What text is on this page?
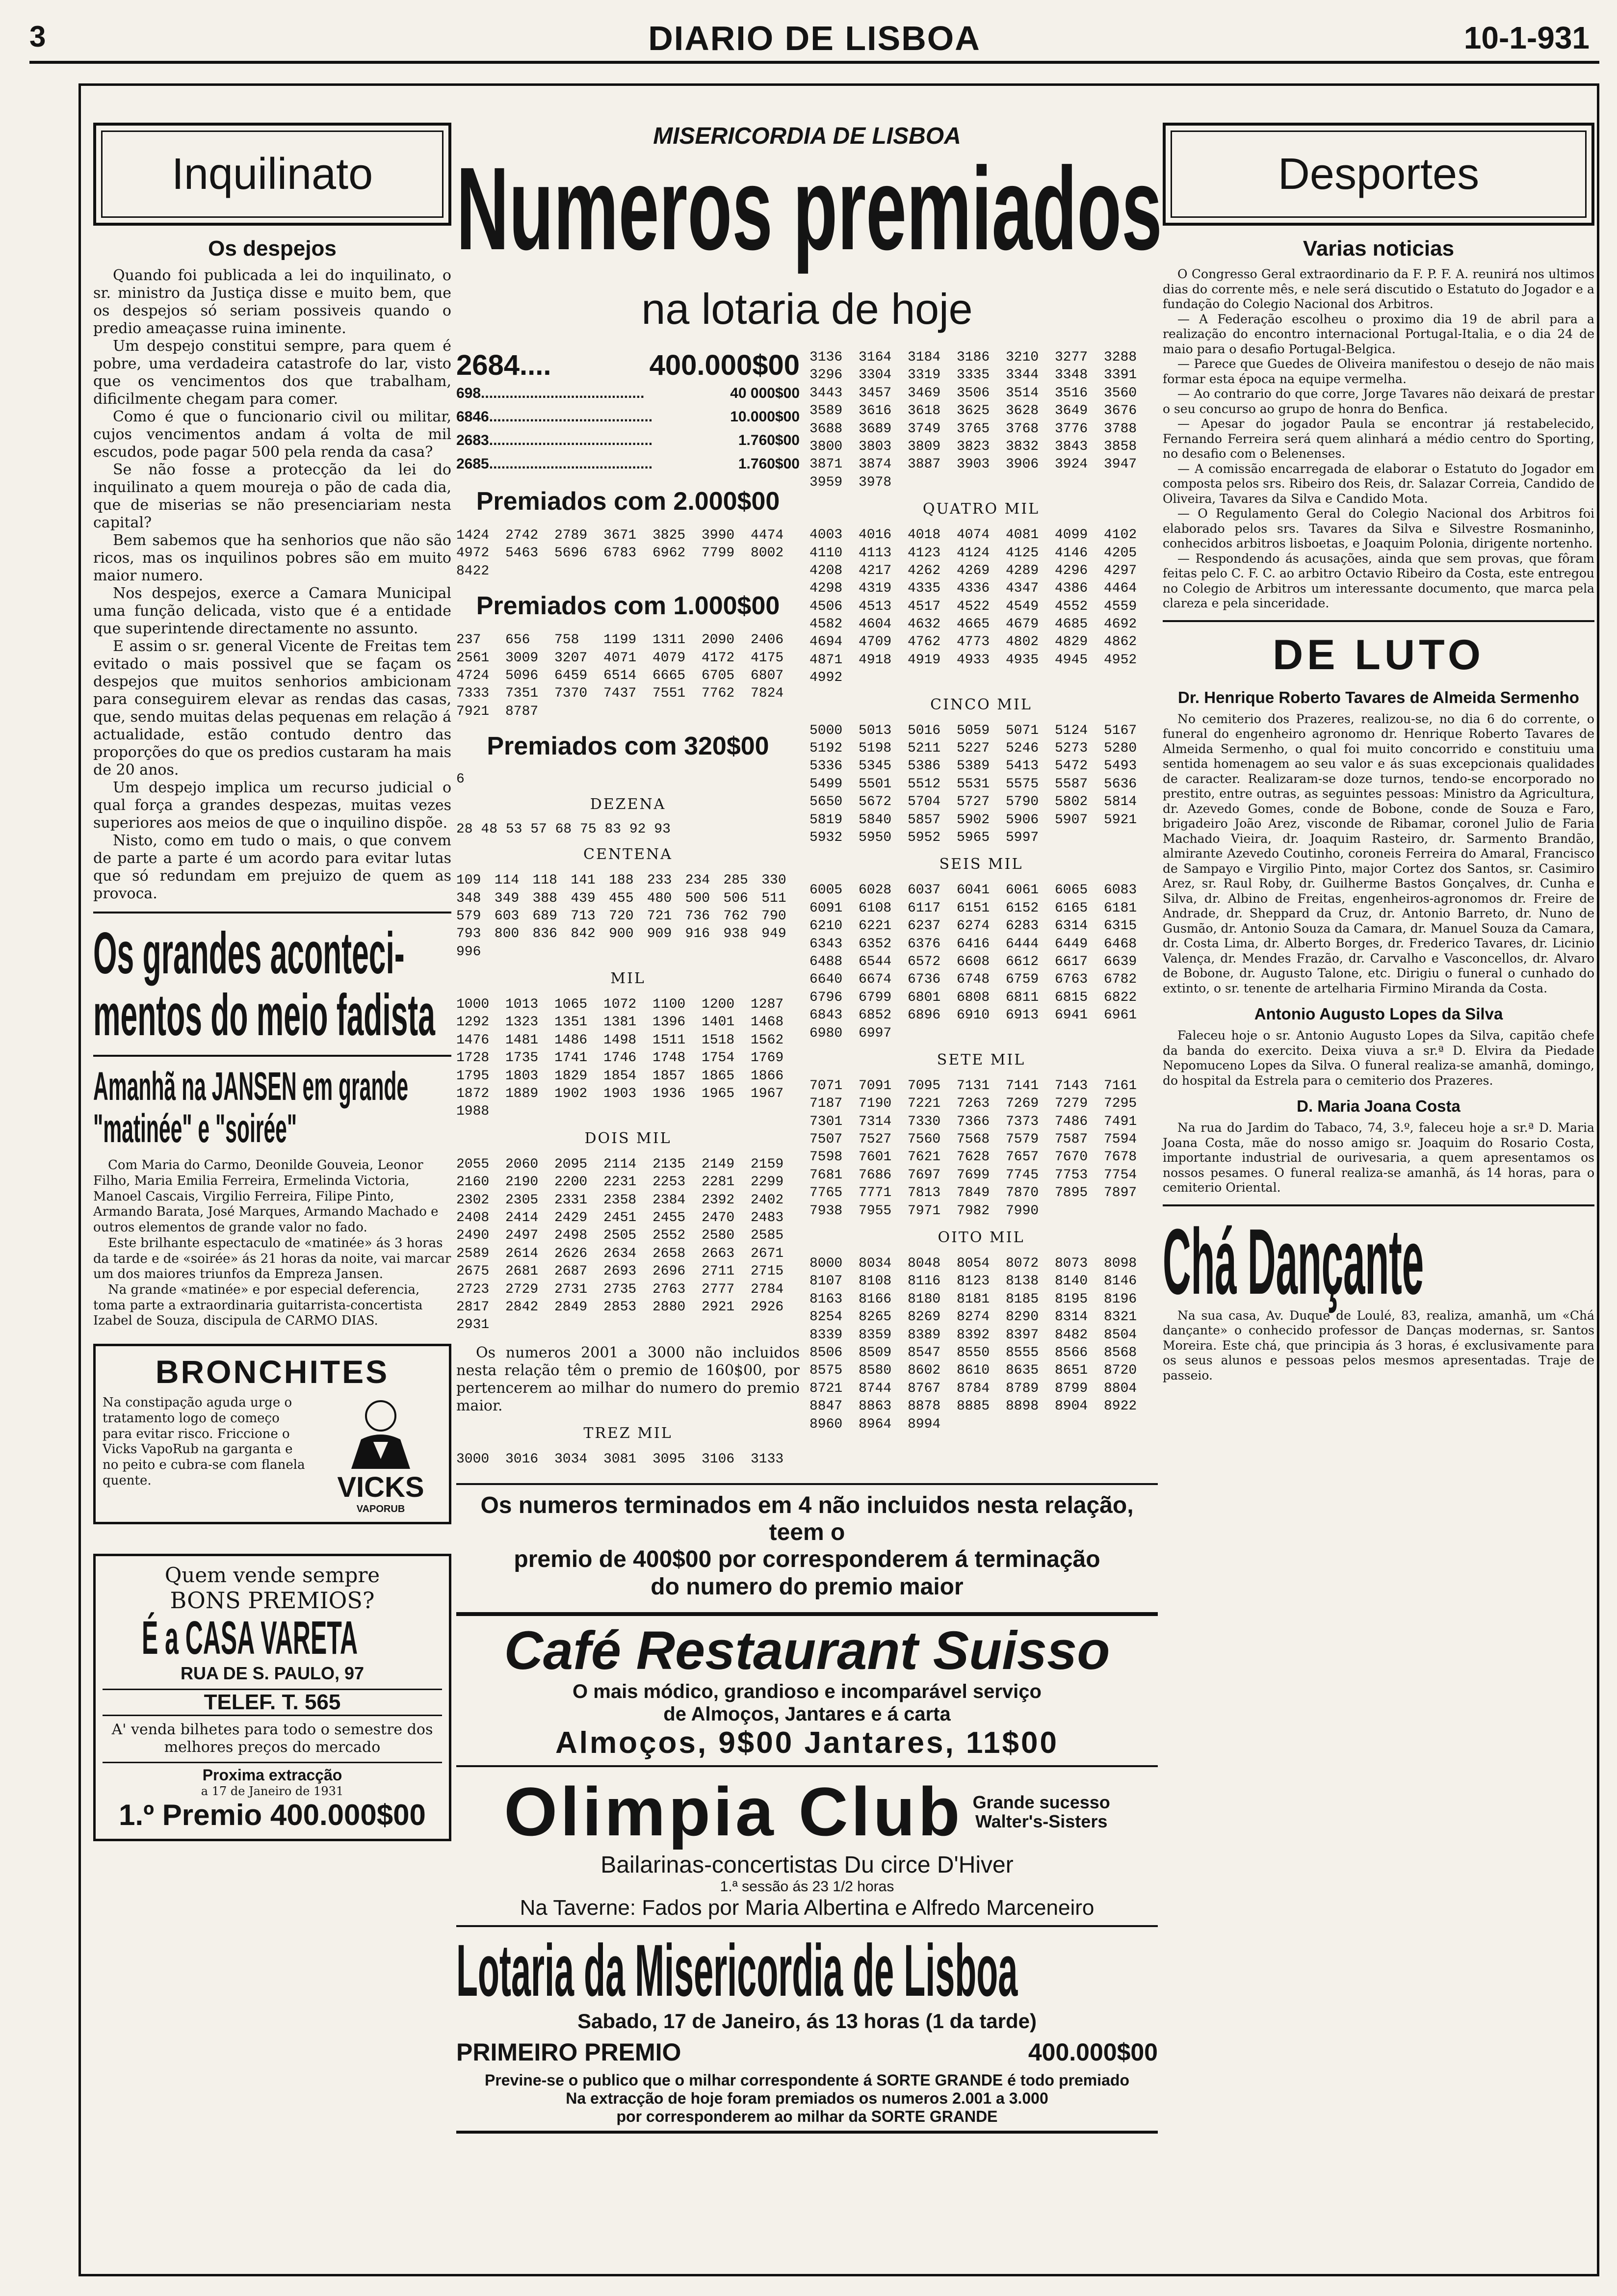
3	DIARIO DE LISBOA	10-1-931
Inquilinato
Os despejos

Quando foi publicada a lei do inquilinato, o sr. ministro da Justiça disse e muito bem, que os despejos só seriam possiveis quando o predio ameaçasse ruina iminente.

Um despejo constitui sempre, para quem é pobre, uma verdadeira catastrofe do lar, visto que os vencimentos dos que trabalham, dificilmente chegam para comer.

Como é que o funcionario civil ou militar, cujos vencimentos andam á volta de mil escudos, pode pagar 500 pela renda da casa?

Se não fosse a protecção da lei do inquilinato a quem moureja o pão de cada dia, que de miserias se não presenciariam nesta capital?

Bem sabemos que ha senhorios que não são ricos, mas os inquilinos pobres são em muito maior numero.

Nos despejos, exerce a Camara Municipal uma função delicada, visto que é a entidade que superintende directamente no assunto.

E assim o sr. general Vicente de Freitas tem evitado o mais possivel que se façam os despejos que muitos senhorios ambicionam para conseguirem elevar as rendas das casas, que, sendo muitas delas pequenas em relação á actualidade, estão contudo dentro das proporções do que os predios custaram ha mais de 20 anos.

Um despejo implica um recurso judicial o qual força a grandes despezas, muitas vezes superiores aos meios de que o inquilino dispõe.

Nisto, como em tudo o mais, o que convem de parte a parte é um acordo para evitar lutas que só redundam em prejuizo de quem as provoca.

Os grandes aconteci-
mentos do meio fadista
Amanhã na JANSEN em grande
"matinée" e "soirée"
Com Maria do Carmo, Deonilde Gouveia, Leonor Filho, Maria Emilia Ferreira, Ermelinda Victoria, Manoel Cascais, Virgilio Ferreira, Filipe Pinto, Armando Barata, José Marques, Armando Machado e outros elementos de grande valor no fado.
Este brilhante espectaculo de «matinée» ás 3 horas da tarde e de «soirée» ás 21 horas da noite, vai marcar um dos maiores triunfos da Empreza Jansen.
Na grande «matinée» e por especial deferencia, toma parte a extraordinaria guitarrista-concertista Izabel de Souza, discipula de CARMO DIAS.
BRONCHITES
Na constipação aguda urge o tratamento logo de começo para evitar risco. Friccione o Vicks VapoRub na garganta e no peito e cubra-se com flanela quente.	VICKS
VAPORUB
Quem vende sempre
BONS PREMIOS?
É a CASA VARETA
RUA DE S. PAULO, 97
TELEF. T. 565
A' venda bilhetes para todo o semestre dos melhores preços do mercado
Proxima extracção
a 17 de Janeiro de 1931
1.º Premio 400.000$00
MISERICORDIA DE LISBOA
Numeros premiados
na lotaria de hoje
2684....	400.000$00
698........................................	40 000$00
6846........................................	10.000$00
2683........................................	1.760$00
2685........................................	1.760$00
Premiados com 2.000$00
1424	2742	2789	3671	3825	3990	4474
4972	5463	5696	6783	6962	7799	8002
8422
Premiados com 1.000$00
237	656	758	1199	1311	2090	2406
2561	3009	3207	4071	4079	4172	4175
4724	5096	6459	6514	6665	6705	6807
7333	7351	7370	7437	7551	7762	7824
7921	8787
Premiados com 320$00
6
DEZENA
28 48 53 57 68 75 83 92 93
CENTENA
109 114 118 141 188 233 234 285 330
348 349 388 439 455 480 500 506 511
579 603 689 713 720 721 736 762 790
793 800 836 842 900 909 916 938 949
996
MIL
1000	1013	1065	1072	1100	1200	1287
1292	1323	1351	1381	1396	1401	1468
1476	1481	1486	1498	1511	1518	1562
1728	1735	1741	1746	1748	1754	1769
1795	1803	1829	1854	1857	1865	1866
1872	1889	1902	1903	1936	1965	1967
1988
DOIS MIL
2055	2060	2095	2114	2135	2149	2159
2160	2190	2200	2231	2253	2281	2299
2302	2305	2331	2358	2384	2392	2402
2408	2414	2429	2451	2455	2470	2483
2490	2497	2498	2505	2552	2580	2585
2589	2614	2626	2634	2658	2663	2671
2675	2681	2687	2693	2696	2711	2715
2723	2729	2731	2735	2763	2777	2784
2817	2842	2849	2853	2880	2921	2926
2931
Os numeros 2001 a 3000 não incluidos nesta relação têm o premio de 160$00, por pertencerem ao milhar do numero do premio maior.
TREZ MIL
3000	3016	3034	3081	3095	3106	3133
3136	3164	3184	3186	3210	3277	3288
3296	3304	3319	3335	3344	3348	3391
3443	3457	3469	3506	3514	3516	3560
3589	3616	3618	3625	3628	3649	3676
3688	3689	3749	3765	3768	3776	3788
3800	3803	3809	3823	3832	3843	3858
3871	3874	3887	3903	3906	3924	3947
3959	3978
QUATRO MIL
4003	4016	4018	4074	4081	4099	4102
4110	4113	4123	4124	4125	4146	4205
4208	4217	4262	4269	4289	4296	4297
4298	4319	4335	4336	4347	4386	4464
4506	4513	4517	4522	4549	4552	4559
4582	4604	4632	4665	4679	4685	4692
4694	4709	4762	4773	4802	4829	4862
4871	4918	4919	4933	4935	4945	4952
4992
CINCO MIL
5000	5013	5016	5059	5071	5124	5167
5192	5198	5211	5227	5246	5273	5280
5336	5345	5386	5389	5413	5472	5493
5499	5501	5512	5531	5575	5587	5636
5650	5672	5704	5727	5790	5802	5814
5819	5840	5857	5902	5906	5907	5921
5932	5950	5952	5965	5997
SEIS MIL
6005	6028	6037	6041	6061	6065	6083
6091	6108	6117	6151	6152	6165	6181
6210	6221	6237	6274	6283	6314	6315
6343	6352	6376	6416	6444	6449	6468
6488	6544	6572	6608	6612	6617	6639
6640	6674	6736	6748	6759	6763	6782
6796	6799	6801	6808	6811	6815	6822
6843	6852	6896	6910	6913	6941	6961
6980	6997
SETE MIL
7071	7091	7095	7131	7141	7143	7161
7187	7190	7221	7263	7269	7279	7295
7301	7314	7330	7366	7373	7486	7491
7507	7527	7560	7568	7579	7587	7594
7598	7601	7621	7628	7657	7670	7678
7681	7686	7697	7699	7745	7753	7754
7765	7771	7813	7849	7870	7895	7897
7938	7955	7971	7982	7990
OITO MIL
8000	8034	8048	8054	8072	8073	8098
8107	8108	8116	8123	8138	8140	8146
8163	8166	8180	8181	8185	8195	8196
8254	8265	8269	8274	8290	8314	8321
8339	8359	8389	8392	8397	8482	8504
8506	8509	8547	8550	8555	8566	8568
8575	8580	8602	8610	8635	8651	8720
8721	8744	8767	8784	8789	8799	8804
8847	8863	8878	8885	8898	8904	8922
8960	8964	8994
Os numeros terminados em 4 não incluidos nesta relação, teem o
premio de 400$00 por corresponderem á terminação
do numero do premio maior
Café Restaurant Suisso
O mais módico, grandioso e incomparável serviço
de Almoços, Jantares e á carta
Almoços, 9$00 Jantares, 11$00
Olimpia Club Grande sucesso
Walter's-Sisters
Bailarinas-concertistas Du circe D'Hiver
1.ª sessão ás 23 1/2 horas
Na Taverne: Fados por Maria Albertina e Alfredo Marceneiro
Lotaria da Misericordia de Lisboa
Sabado, 17 de Janeiro, ás 13 horas (1 da tarde)
PRIMEIRO PREMIO	400.000$00
Previne-se o publico que o milhar correspondente á SORTE GRANDE é todo premiado
Na extracção de hoje foram premiados os numeros 2.001 a 3.000
por corresponderem ao milhar da SORTE GRANDE
Desportes
Varias noticias

O Congresso Geral extraordinario da F. P. F. A. reunirá nos ultimos dias do corrente mês, e nele será discutido o Estatuto do Jogador e a fundação do Colegio Nacional dos Arbitros.

— A Federação escolheu o proximo dia 19 de abril para a realização do encontro internacional Portugal-Italia, e o dia 24 de maio para o desafio Portugal-Belgica.

— Parece que Guedes de Oliveira manifestou o desejo de não mais formar esta época na equipe vermelha.

— Ao contrario do que corre, Jorge Tavares não deixará de prestar o seu concurso ao grupo de honra do Benfica.

— Apesar do jogador Paula se encontrar já restabelecido, Fernando Ferreira será quem alinhará a médio centro do Sporting, no desafio com o Belenenses.

— A comissão encarregada de elaborar o Estatuto do Jogador em composta pelos srs. Ribeiro dos Reis, dr. Salazar Correia, Candido de Oliveira, Tavares da Silva e Candido Mota.

— O Regulamento Geral do Colegio Nacional dos Arbitros foi elaborado pelos srs. Tavares da Silva e Silvestre Rosmaninho, conhecidos arbitros lisboetas, e Joaquim Polonia, dirigente nortenho.

— Respondendo ás acusações, ainda que sem provas, que fôram feitas pelo C. F. C. ao arbitro Octavio Ribeiro da Costa, este entregou no Colegio de Arbitros um interessante documento, que marca pela clareza e pela sinceridade.

DE LUTO
Dr. Henrique Roberto Tavares de Almeida Sermenho
No cemiterio dos Prazeres, realizou-se, no dia 6 do corrente, o funeral do engenheiro agronomo dr. Henrique Roberto Tavares de Almeida Sermenho, o qual foi muito concorrido e constituiu uma sentida homenagem ao seu valor e ás suas excepcionais qualidades de caracter. Realizaram-se doze turnos, tendo-se encorporado no prestito, entre outras, as seguintes pessoas: Ministro da Agricultura, dr. Azevedo Gomes, conde de Bobone, conde de Souza e Faro, brigadeiro João Arez, visconde de Ribamar, coronel Julio de Faria Machado Vieira, dr. Joaquim Rasteiro, dr. Sarmento Brandão, almirante Azevedo Coutinho, coroneis Ferreira do Amaral, Francisco de Sampayo e Virgilio Pinto, major Cortez dos Santos, sr. Casimiro Arez, sr. Raul Roby, dr. Guilherme Bastos Gonçalves, dr. Cunha e Silva, dr. Albino de Freitas, engenheiros-agronomos dr. Freire de Andrade, dr. Sheppard da Cruz, dr. Antonio Barreto, dr. Nuno de Gusmão, dr. Antonio Souza da Camara, dr. Manuel Souza da Camara, dr. Costa Lima, dr. Alberto Borges, dr. Frederico Tavares, dr. Licinio Valença, dr. Mendes Frazão, dr. Carvalho e Vasconcellos, dr. Alvaro de Bobone, dr. Augusto Talone, etc. Dirigiu o funeral o cunhado do extinto, o sr. tenente de artelharia Firmino Miranda da Costa.
Antonio Augusto Lopes da Silva
Faleceu hoje o sr. Antonio Augusto Lopes da Silva, capitão chefe da banda do exercito. Deixa viuva a sr.ª D. Elvira da Piedade Nepomuceno Lopes da Silva. O funeral realiza-se amanhã, domingo, do hospital da Estrela para o cemiterio dos Prazeres.
D. Maria Joana Costa
Na rua do Jardim do Tabaco, 74, 3.º, faleceu hoje a sr.ª D. Maria Joana Costa, mãe do nosso amigo sr. Joaquim do Rosario Costa, importante industrial de ourivesaria, a quem apresentamos os nossos pesames. O funeral realiza-se amanhã, ás 14 horas, para o cemiterio Oriental.
Chá Dançante
Na sua casa, Av. Duque de Loulé, 83, realiza, amanhã, um «Chá dançante» o conhecido professor de Danças modernas, sr. Santos Moreira. Este chá, que principia ás 3 horas, é exclusivamente para os seus alunos e pessoas pelos mesmos apresentadas. Traje de passeio.
